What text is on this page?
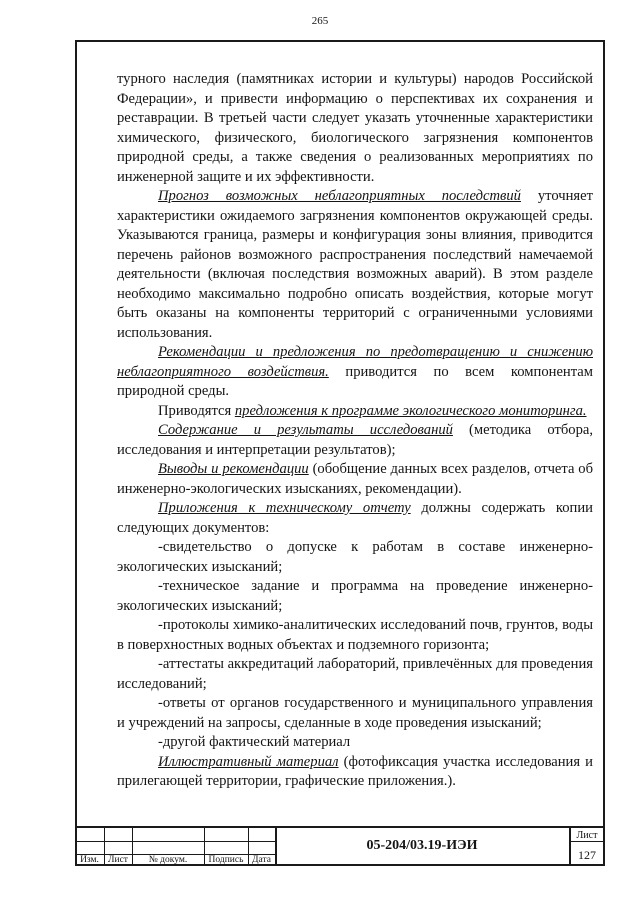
265

турного наследия (памятниках истории и культуры) народов Российской Федерации», и привести информацию о перспективах их сохранения и реставрации. В третьей части следует указать уточненные характеристики химического, физического, биологического загрязнения компонентов природной среды, а также сведения о реализованных мероприятиях по инженерной защите и их эффективности.

Прогноз возможных неблагоприятных последствий уточняет характеристики ожидаемого загрязнения компонентов окружающей среды. Указываются граница, размеры и конфигурация зоны влияния, приводится перечень районов возможного распространения последствий намечаемой деятельности (включая последствия возможных аварий). В этом разделе необходимо максимально подробно описать воздействия, которые могут быть оказаны на компоненты территорий с ограниченными условиями использования.

Рекомендации и предложения по предотвращению и снижению неблагоприятного воздействия. приводится по всем компонентам природной среды.

Приводятся предложения к программе экологического мониторинга.

Содержание и результаты исследований (методика отбора, исследования и интерпретации результатов);

Выводы и рекомендации (обобщение данных всех разделов, отчета об инженерно-экологических изысканиях, рекомендации).

Приложения к техническому отчету должны содержать копии следующих документов:

-свидетельство о допуске к работам в составе инженерно-экологических изысканий;

-техническое задание и программа на проведение инженерно-экологических изысканий;

-протоколы химико-аналитических исследований почв, грунтов, воды в поверхностных водных объектах и подземного горизонта;

-аттестаты аккредитаций лабораторий, привлечённых для проведения исследований;

-ответы от органов государственного и муниципального управления и учреждений на запросы, сделанные в ходе проведения изысканий;

-другой фактический материал

Иллюстративный материал (фотофиксация участка исследования и прилегающей территории, графические приложения.).

Изм. Лист	№ докум.	Подпись Дата
05-204/03.19-ИЭИ
Лист
127
